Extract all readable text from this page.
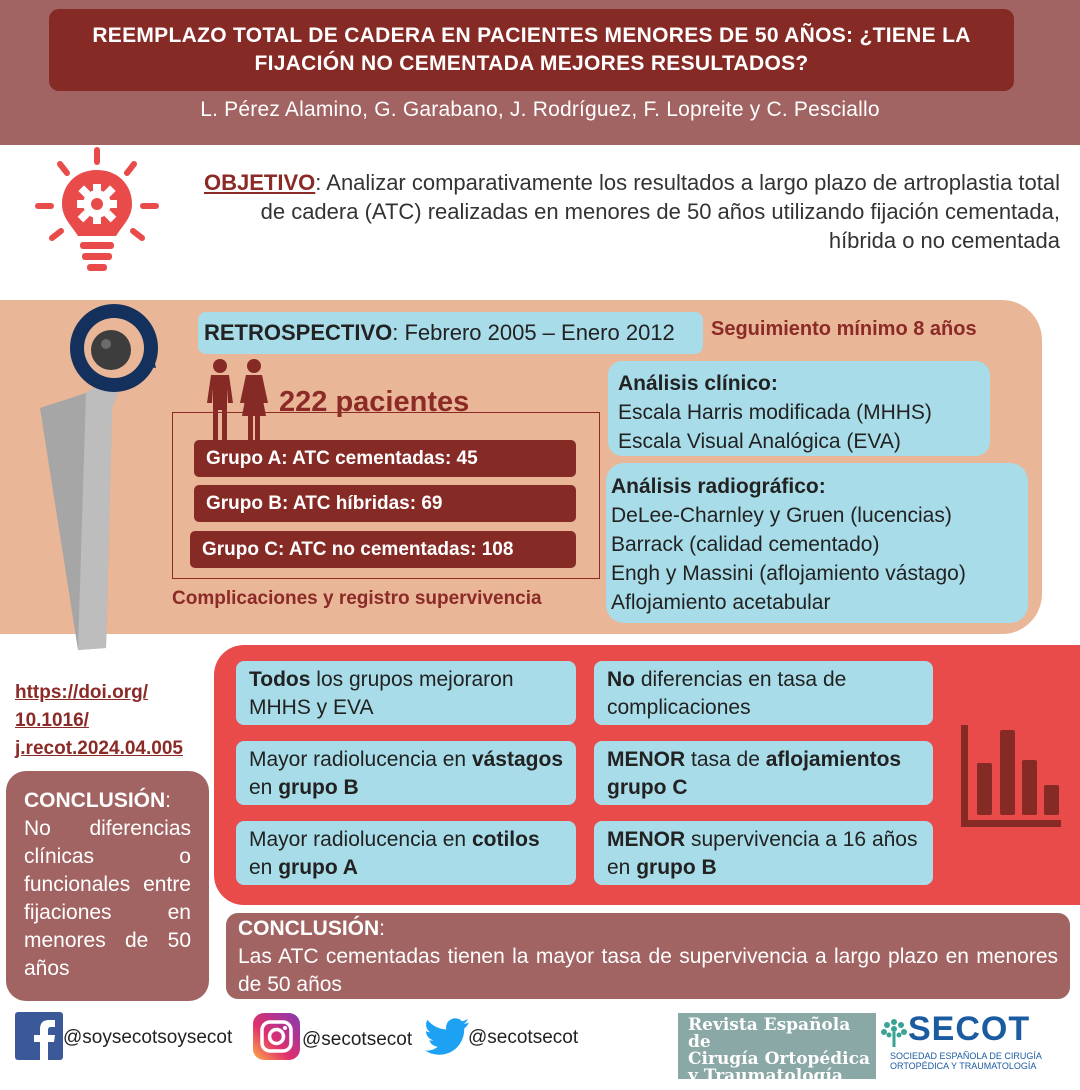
REEMPLAZO TOTAL DE CADERA EN PACIENTES MENORES DE 50 AÑOS: ¿TIENE LA FIJACIÓN NO CEMENTADA MEJORES RESULTADOS?
L. Pérez Alamino, G. Garabano, J. Rodríguez, F. Lopreite y C. Pesciallo
OBJETIVO: Analizar comparativamente los resultados a largo plazo de artroplastia total de cadera (ATC) realizadas en menores de 50 años utilizando fijación cementada, híbrida o no cementada
RETROSPECTIVO: Febrero 2005 – Enero 2012	Seguimiento mínimo 8 años
222 pacientes
Grupo A: ATC cementadas: 45
Grupo B: ATC híbridas: 69
Grupo C: ATC no cementadas: 108
Complicaciones y registro supervivencia
Análisis clínico:
Escala Harris modificada (MHHS)
Escala Visual Analógica (EVA)
Análisis radiográfico:
DeLee-Charnley y Gruen (lucencias)
Barrack (calidad cementado)
Engh y Massini (aflojamiento vástago)
Aflojamiento acetabular
https://doi.org/
10.1016/
j.recot.2024.04.005
CONCLUSIÓN:
No diferencias clínicas o funcionales entre fijaciones en menores de 50 años
Todos los grupos mejoraron MHHS y EVA
Mayor radiolucencia en vástagos en grupo B
Mayor radiolucencia en cotilos en grupo A
No diferencias en tasa de complicaciones
MENOR tasa de aflojamientos grupo C
MENOR supervivencia a 16 años en grupo B
CONCLUSIÓN:
Las ATC cementadas tienen la mayor tasa de supervivencia a largo plazo en menores de 50 años
@soysecotsoysecot	@secotsecot	@secotsecot
Revista Española de
Cirugía Ortopédica
y Traumatología
SOCIEDAD ESPAÑOLA DE CIRUGÍA ORTOPÉDICA Y TRAUMATOLOGÍA (SECOT)
SECOT
SOCIEDAD ESPAÑOLA DE CIRUGÍA
ORTOPÉDICA Y TRAUMATOLOGÍA
